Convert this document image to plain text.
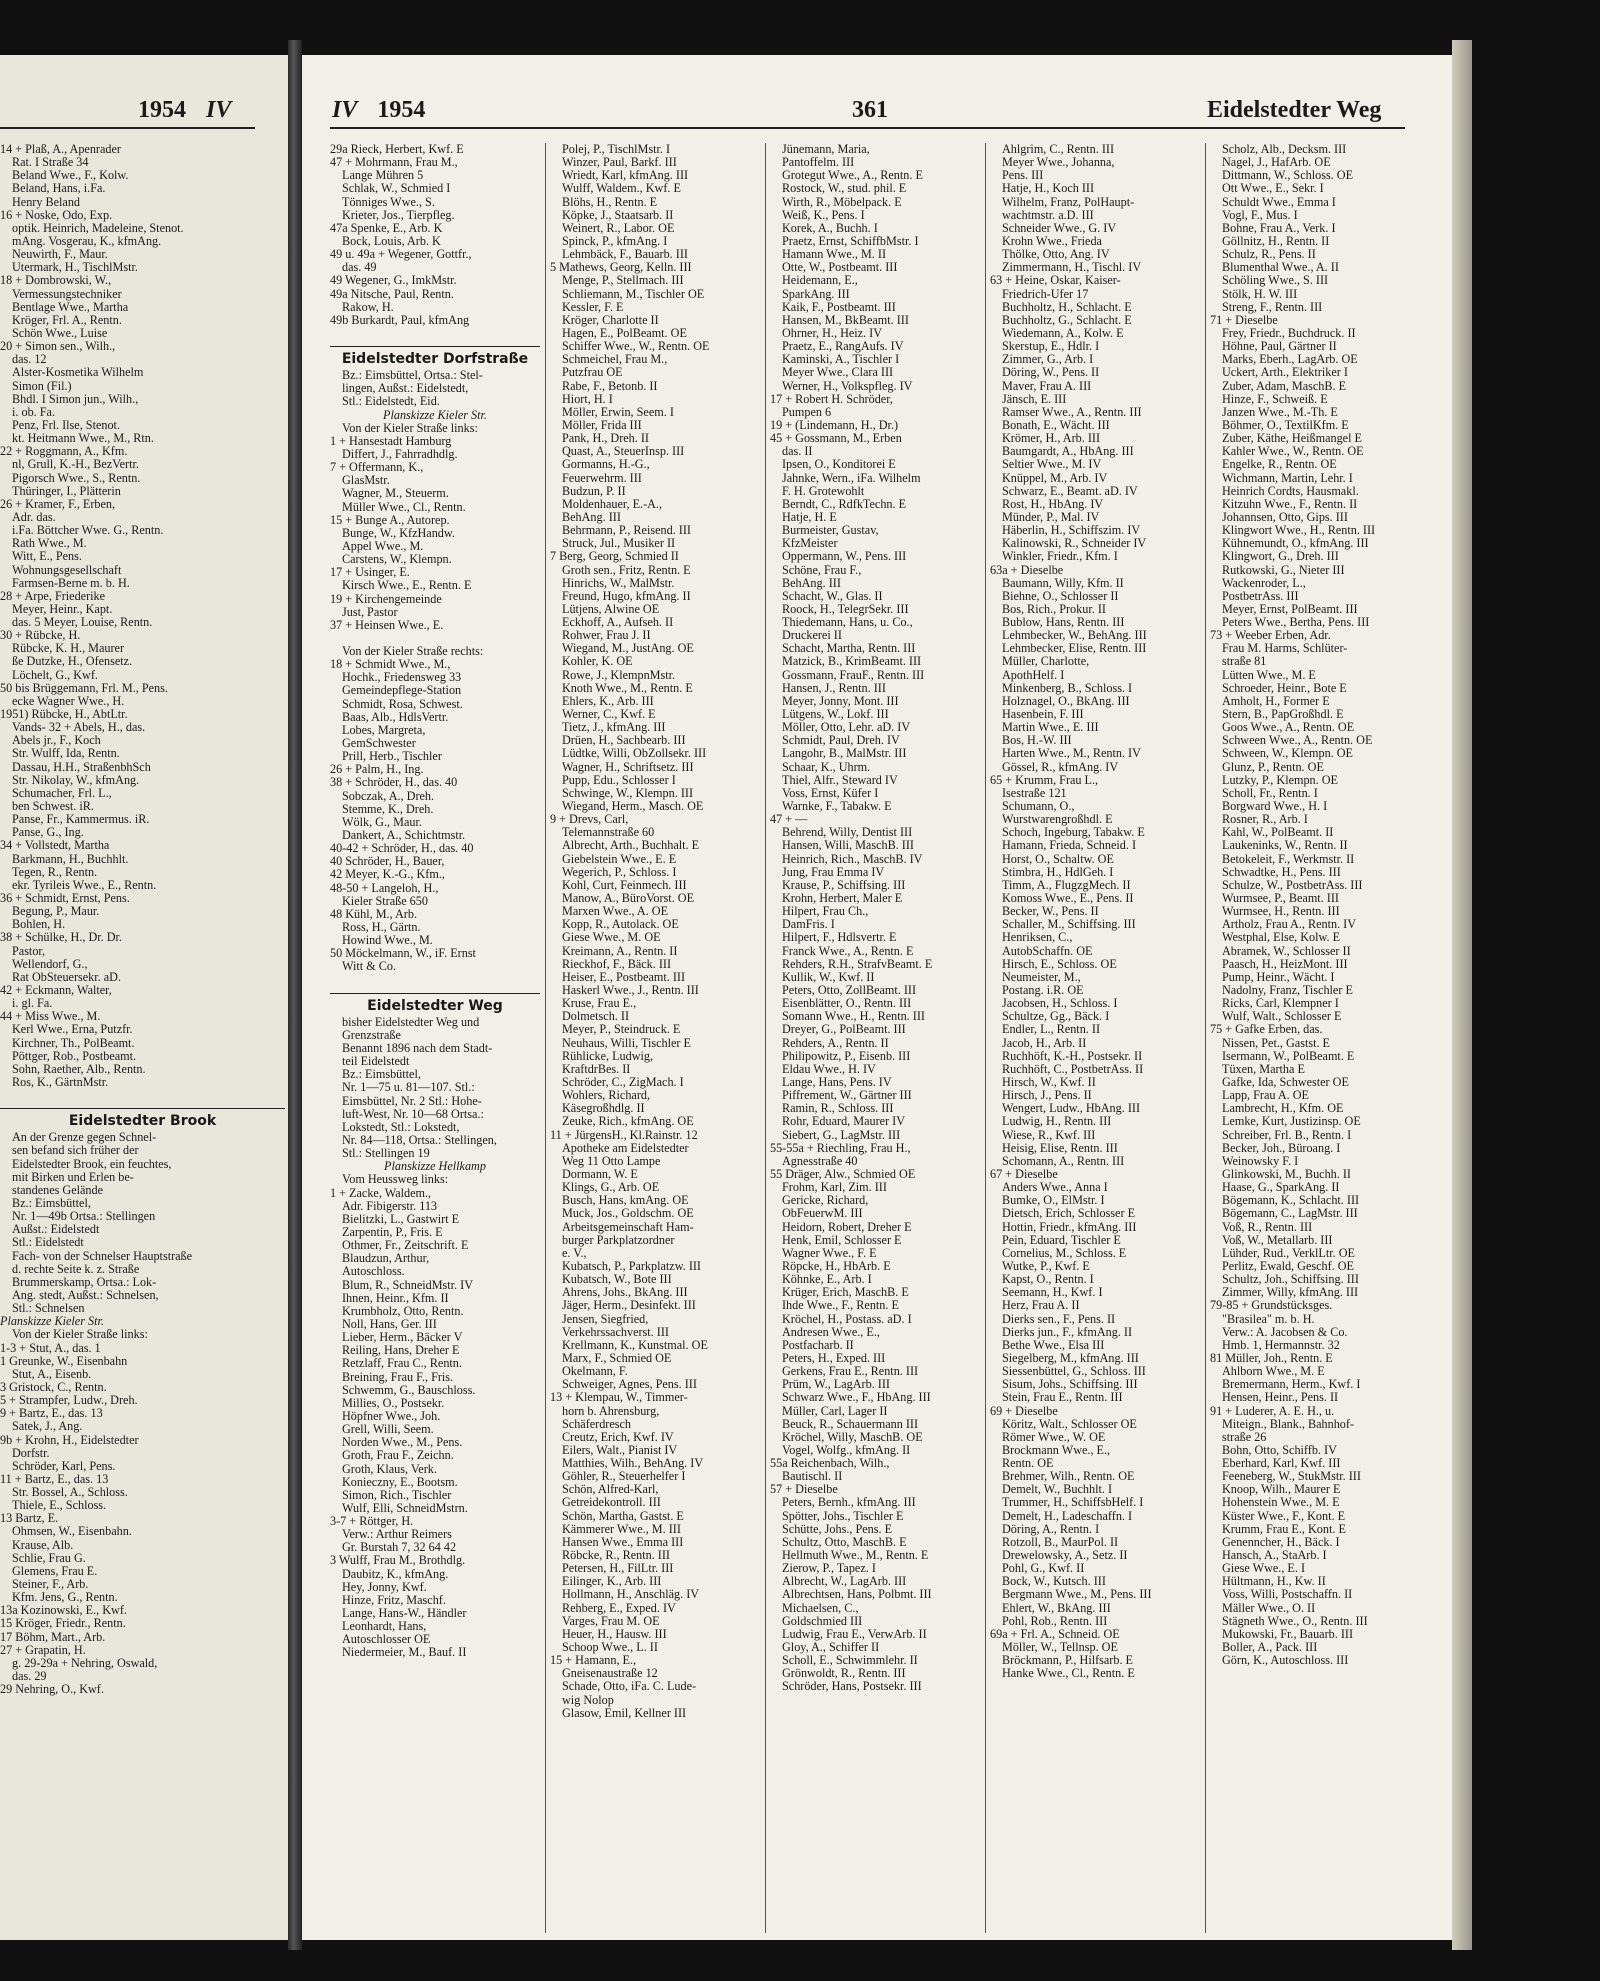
1954 IV
14 + Plaß, A., Apenrader
Rat. I Straße 34
Beland Wwe., F., Kolw.
Beland, Hans, i.Fa.
Henry Beland
16 + Noske, Odo, Exp.
optik. Heinrich, Madeleine, Stenot.
mAng. Vosgerau, K., kfmAng.
Neuwirth, F., Maur.
Utermark, H., TischlMstr.
18 + Dombrowski, W.,
Vermessungstechniker
Bentlage Wwe., Martha
Kröger, Frl. A., Rentn.
Schön Wwe., Luise
20 + Simon sen., Wilh.,
das. 12
Alster-Kosmetika Wilhelm
Simon (Fil.)
Bhdl. I Simon jun., Wilh.,
i. ob. Fa.
Penz, Frl. Ilse, Stenot.
kt. Heitmann Wwe., M., Rtn.
22 + Roggmann, A., Kfm.
nl, Grull, K.-H., BezVertr.
Pigorsch Wwe., S., Rentn.
Thüringer, I., Plätterin
26 + Kramer, F., Erben,
Adr. das.
i.Fa. Böttcher Wwe. G., Rentn.
Rath Wwe., M.
Witt, E., Pens.
Wohnungsgesellschaft
Farmsen-Berne m. b. H.
28 + Arpe, Friederike
Meyer, Heinr., Kapt.
das. 5 Meyer, Louise, Rentn.
30 + Rübcke, H.
Rübcke, K. H., Maurer
ße Dutzke, H., Ofensetz.
Löchelt, G., Kwf.
50 bis Brüggemann, Frl. M., Pens.
ecke Wagner Wwe., H.
1951) Rübcke, H., AbtLtr.
Vands- 32 + Abels, H., das.
Abels jr., F., Koch
Str. Wulff, Ida, Rentn.
Dassau, H.H., StraßenbhSch
Str. Nikolay, W., kfmAng.
Schumacher, Frl. L.,
ben Schwest. iR.
Panse, Fr., Kammermus. iR.
Panse, G., Ing.
34 + Vollstedt, Martha
Barkmann, H., Buchhlt.
Tegen, R., Rentn.
ekr. Tyrileis Wwe., E., Rentn.
36 + Schmidt, Ernst, Pens.
Begung, P., Maur.
Bohlen, H.
38 + Schülke, H., Dr. Dr.
Pastor,
Wellendorf, G.,
Rat ObSteuersekr. aD.
42 + Eckmann, Walter,
i. gl. Fa.
44 + Miss Wwe., M.
Kerl Wwe., Erna, Putzfr.
Kirchner, Th., PolBeamt.
Pöttger, Rob., Postbeamt.
Sohn, Raether, Alb., Rentn.
Ros, K., GärtnMstr.
Eidelstedter Brook
An der Grenze gegen Schnel-
sen befand sich früher der
Eidelstedter Brook, ein feuchtes,
mit Birken und Erlen be-
standenes Gelände
Bz.: Eimsbüttel,
Nr. 1—49b Ortsa.: Stellingen
Außst.: Eidelstedt
Stl.: Eidelstedt
Fach- von der Schnelser Hauptstraße
d. rechte Seite k. z. Straße
Brummerskamp, Ortsa.: Lok-
Ang. stedt, Außst.: Schnelsen,
Stl.: Schnelsen
Planskizze Kieler Str.
Von der Kieler Straße links:
1-3 + Stut, A., das. 1
1 Greunke, W., Eisenbahn
Stut, A., Eisenb.
3 Gristock, C., Rentn.
5 + Strampfer, Ludw., Dreh.
9 + Bartz, E., das. 13
Satek, J., Ang.
9b + Krohn, H., Eidelstedter
Dorfstr.
Schröder, Karl, Pens.
11 + Bartz, E., das. 13
Str. Bossel, A., Schloss.
Thiele, E., Schloss.
13 Bartz, E.
Ohmsen, W., Eisenbahn.
Krause, Alb.
Schlie, Frau G.
Glemens, Frau E.
Steiner, F., Arb.
Kfm. Jens, G., Rentn.
13a Kozinowski, E., Kwf.
15 Kröger, Friedr., Rentn.
17 Böhm, Mart., Arb.
27 + Grapatin, H.
g. 29-29a + Nehring, Oswald,
das. 29
29 Nehring, O., Kwf.
IV 1954	361	Eidelstedter Weg
29a Rieck, Herbert, Kwf. E
47 + Mohrmann, Frau M.,
Lange Mühren 5
Schlak, W., Schmied I
Tönniges Wwe., S.
Krieter, Jos., Tierpfleg.
47a Spenke, E., Arb. K
Bock, Louis, Arb. K
49 u. 49a + Wegener, Gottfr.,
das. 49
49 Wegener, G., ImkMstr.
49a Nitsche, Paul, Rentn.
Rakow, H.
49b Burkardt, Paul, kfmAng
Eidelstedter Dorfstraße
Bz.: Eimsbüttel, Ortsa.: Stel-
lingen, Außst.: Eidelstedt,
Stl.: Eidelstedt, Eid.
Planskizze Kieler Str.
Von der Kieler Straße links:
1 + Hansestadt Hamburg
Differt, J., Fahrradhdlg.
7 + Offermann, K.,
GlasMstr.
Wagner, M., Steuerm.
Müller Wwe., Cl., Rentn.
15 + Bunge A., Autorep.
Bunge, W., KfzHandw.
Appel Wwe., M.
Carstens, W., Klempn.
17 + Usinger, E.
Kirsch Wwe., E., Rentn. E
19 + Kirchengemeinde
Just, Pastor
37 + Heinsen Wwe., E.
Von der Kieler Straße rechts:
18 + Schmidt Wwe., M.,
Hochk., Friedensweg 33
Gemeindepflege-Station
Schmidt, Rosa, Schwest.
Baas, Alb., HdlsVertr.
Lobes, Margreta,
GemSchwester
Prill, Herb., Tischler
26 + Palm, H., Ing.
38 + Schröder, H., das. 40
Sobczak, A., Dreh.
Stemme, K., Dreh.
Wölk, G., Maur.
Dankert, A., Schichtmstr.
40-42 + Schröder, H., das. 40
40 Schröder, H., Bauer,
42 Meyer, K.-G., Kfm.,
48-50 + Langeloh, H.,
Kieler Straße 650
48 Kühl, M., Arb.
Ross, H., Gärtn.
Howind Wwe., M.
50 Möckelmann, W., iF. Ernst
Witt & Co.
Eidelstedter Weg
bisher Eidelstedter Weg und
Grenzstraße
Benannt 1896 nach dem Stadt-
teil Eidelstedt
Bz.: Eimsbüttel,
Nr. 1—75 u. 81—107. Stl.:
Eimsbüttel, Nr. 2 Stl.: Hohe-
luft-West, Nr. 10—68 Ortsa.:
Lokstedt, Stl.: Lokstedt,
Nr. 84—118, Ortsa.: Stellingen,
Stl.: Stellingen 19
Planskizze Hellkamp
Vom Heussweg links:
1 + Zacke, Waldem.,
Adr. Fibigerstr. 113
Bielitzki, L., Gastwirt E
Zarpentin, P., Fris. E
Othmer, Fr., Zeitschrift. E
Blaudzun, Arthur,
Autoschloss.
Blum, R., SchneidMstr. IV
Ihnen, Heinr., Kfm. II
Krumbholz, Otto, Rentn.
Noll, Hans, Ger. III
Lieber, Herm., Bäcker V
Reiling, Hans, Dreher E
Retzlaff, Frau C., Rentn.
Breining, Frau F., Fris.
Schwemm, G., Bauschloss.
Millies, O., Postsekr.
Höpfner Wwe., Joh.
Grell, Willi, Seem.
Norden Wwe., M., Pens.
Groth, Frau F., Zeichn.
Groth, Klaus, Verk.
Konieczny, E., Bootsm.
Simon, Rich., Tischler
Wulf, Elli, SchneidMstrn.
3-7 + Röttger, H.
Verw.: Arthur Reimers
Gr. Burstah 7, 32 64 42
3 Wulff, Frau M., Brothdlg.
Daubitz, K., kfmAng.
Hey, Jonny, Kwf.
Hinze, Fritz, Maschf.
Lange, Hans-W., Händler
Leonhardt, Hans,
Autoschlosser OE
Niedermeier, M., Bauf. II
Polej, P., TischlMstr. I
Winzer, Paul, Barkf. III
Wriedt, Karl, kfmAng. III
Wulff, Waldem., Kwf. E
Blöhs, H., Rentn. E
Köpke, J., Staatsarb. II
Weinert, R., Labor. OE
Spinck, P., kfmAng. I
Lehmbäck, F., Bauarb. III
5 Mathews, Georg, Kelln. III
Menge, P., Stellmach. III
Schliemann, M., Tischler OE
Kessler, F. E
Kröger, Charlotte II
Hagen, E., PolBeamt. OE
Schiffer Wwe., W., Rentn. OE
Schmeichel, Frau M.,
Putzfrau OE
Rabe, F., Betonb. II
Hiort, H. I
Möller, Erwin, Seem. I
Möller, Frida III
Pank, H., Dreh. II
Quast, A., SteuerInsp. III
Gormanns, H.-G.,
Feuerwehrm. III
Budzun, P. II
Moldenhauer, E.-A.,
BehAng. III
Behrmann, P., Reisend. III
Struck, Jul., Musiker II
7 Berg, Georg, Schmied II
Groth sen., Fritz, Rentn. E
Hinrichs, W., MalMstr.
Freund, Hugo, kfmAng. II
Lütjens, Alwine OE
Eckhoff, A., Aufseh. II
Rohwer, Frau J. II
Wiegand, M., JustAng. OE
Kohler, K. OE
Rowe, J., KlempnMstr.
Knoth Wwe., M., Rentn. E
Ehlers, K., Arb. III
Werner, C., Kwf. E
Tietz, J., kfmAng. III
Drüen, H., Sachbearb. III
Lüdtke, Willi, ObZollsekr. III
Wagner, H., Schriftsetz. III
Pupp, Edu., Schlosser I
Schwinge, W., Klempn. III
Wiegand, Herm., Masch. OE
9 + Drevs, Carl,
Telemannstraße 60
Albrecht, Arth., Buchhalt. E
Giebelstein Wwe., E. E
Wegerich, P., Schloss. I
Kohl, Curt, Feinmech. III
Manow, A., BüroVorst. OE
Marxen Wwe., A. OE
Kopp, R., Autolack. OE
Giese Wwe., M. OE
Kreimann, A., Rentn. II
Rieckhof, F., Bäck. III
Heiser, E., Postbeamt. III
Haskerl Wwe., J., Rentn. III
Kruse, Frau E.,
Dolmetsch. II
Meyer, P., Steindruck. E
Neuhaus, Willi, Tischler E
Rühlicke, Ludwig,
KraftdrBes. II
Schröder, C., ZigMach. I
Wohlers, Richard,
Käsegroßhdlg. II
Zeuke, Rich., kfmAng. OE
11 + JürgensH., Kl.Rainstr. 12
Apotheke am Eidelstedter
Weg 11 Otto Lampe
Dormann, W. E
Klings, G., Arb. OE
Busch, Hans, kmAng. OE
Muck, Jos., Goldschm. OE
Arbeitsgemeinschaft Ham-
burger Parkplatzordner
e. V.,
Kubatsch, P., Parkplatzw. III
Kubatsch, W., Bote III
Ahrens, Johs., BkAng. III
Jäger, Herm., Desinfekt. III
Jensen, Siegfried,
Verkehrssachverst. III
Krellmann, K., Kunstmal. OE
Marx, F., Schmied OE
Okelmann, F.
Schweiger, Agnes, Pens. III
13 + Klempau, W., Timmer-
horn b. Ahrensburg,
Schäferdresch
Creutz, Erich, Kwf. IV
Eilers, Walt., Pianist IV
Matthies, Wilh., BehAng. IV
Göhler, R., Steuerhelfer I
Schön, Alfred-Karl,
Getreidekontroll. III
Schön, Martha, Gastst. E
Kämmerer Wwe., M. III
Hansen Wwe., Emma III
Röbcke, R., Rentn. III
Petersen, H., FilLtr. III
Eilinger, K., Arb. III
Hollmann, H., Anschläg. IV
Rehberg, E., Exped. IV
Varges, Frau M. OE
Heuer, H., Hausw. III
Schoop Wwe., L. II
15 + Hamann, E.,
Gneisenaustraße 12
Schade, Otto, iFa. C. Lude-
wig Nolop
Glasow, Emil, Kellner III
Jünemann, Maria,
Pantoffelm. III
Grotegut Wwe., A., Rentn. E
Rostock, W., stud. phil. E
Wirth, R., Möbelpack. E
Weiß, K., Pens. I
Korek, A., Buchh. I
Praetz, Ernst, SchiffbMstr. I
Hamann Wwe., M. II
Otte, W., Postbeamt. III
Heidemann, E.,
SparkAng. III
Kaik, F., Postbeamt. III
Hansen, M., BkBeamt. III
Ohrner, H., Heiz. IV
Praetz, E., RangAufs. IV
Kaminski, A., Tischler I
Meyer Wwe., Clara III
Werner, H., Volkspfleg. IV
17 + Robert H. Schröder,
Pumpen 6
19 + (Lindemann, H., Dr.)
45 + Gossmann, M., Erben
das. II
Ipsen, O., Konditorei E
Jahnke, Wern., iFa. Wilhelm
F. H. Grotewohlt
Berndt, C., RdfkTechn. E
Hatje, H. E
Burmeister, Gustav,
KfzMeister
Oppermann, W., Pens. III
Schöne, Frau F.,
BehAng. III
Schacht, W., Glas. II
Roock, H., TelegrSekr. III
Thiedemann, Hans, u. Co.,
Druckerei II
Schacht, Martha, Rentn. III
Matzick, B., KrimBeamt. III
Gossmann, FrauF., Rentn. III
Hansen, J., Rentn. III
Meyer, Jonny, Mont. III
Lütgens, W., Lokf. III
Möller, Otto, Lehr. aD. IV
Schmidt, Paul, Dreh. IV
Langohr, B., MalMstr. III
Schaar, K., Uhrm.
Thiel, Alfr., Steward IV
Voss, Ernst, Küfer I
Warnke, F., Tabakw. E
47 + —
Behrend, Willy, Dentist III
Hansen, Willi, MaschB. III
Heinrich, Rich., MaschB. IV
Jung, Frau Emma IV
Krause, P., Schiffsing. III
Krohn, Herbert, Maler E
Hilpert, Frau Ch.,
DamFris. I
Hilpert, F., Hdlsvertr. E
Franck Wwe., A., Rentn. E
Rehders, R.H., StrafvBeamt. E
Kullik, W., Kwf. II
Peters, Otto, ZollBeamt. III
Eisenblätter, O., Rentn. III
Somann Wwe., H., Rentn. III
Dreyer, G., PolBeamt. III
Rehders, A., Rentn. II
Philipowitz, P., Eisenb. III
Eldau Wwe., H. IV
Lange, Hans, Pens. IV
Piffrement, W., Gärtner III
Ramin, R., Schloss. III
Rohr, Eduard, Maurer IV
Siebert, G., LagMstr. III
55-55a + Riechling, Frau H.,
Agnesstraße 40
55 Dräger, Alw., Schmied OE
Frohm, Karl, Zim. III
Gericke, Richard,
ObFeuerwM. III
Heidorn, Robert, Dreher E
Henk, Emil, Schlosser E
Wagner Wwe., F. E
Röpcke, H., HbArb. E
Köhnke, E., Arb. I
Krüger, Erich, MaschB. E
Ihde Wwe., F., Rentn. E
Kröchel, H., Postass. aD. I
Andresen Wwe., E.,
Postfacharb. II
Peters, H., Exped. III
Gerkens, Frau E., Rentn. III
Prüm, W., LagArb. III
Schwarz Wwe., F., HbAng. III
Müller, Carl, Lager II
Beuck, R., Schauermann III
Kröchel, Willy, MaschB. OE
Vogel, Wolfg., kfmAng. II
55a Reichenbach, Wilh.,
Bautischl. II
57 + Dieselbe
Peters, Bernh., kfmAng. III
Spötter, Johs., Tischler E
Schütte, Johs., Pens. E
Schultz, Otto, MaschB. E
Hellmuth Wwe., M., Rentn. E
Zierow, P., Tapez. I
Albrecht, W., LagArb. III
Albrechtsen, Hans, Polbmt. III
Michaelsen, C.,
Goldschmied III
Ludwig, Frau E., VerwArb. II
Gloy, A., Schiffer II
Scholl, E., Schwimmlehr. II
Grönwoldt, R., Rentn. III
Schröder, Hans, Postsekr. III
Ahlgrim, C., Rentn. III
Meyer Wwe., Johanna,
Pens. III
Hatje, H., Koch III
Wilhelm, Franz, PolHaupt-
wachtmstr. a.D. III
Schneider Wwe., G. IV
Krohn Wwe., Frieda
Thölke, Otto, Ang. IV
Zimmermann, H., Tischl. IV
63 + Heine, Oskar, Kaiser-
Friedrich-Ufer 17
Buchholtz, H., Schlacht. E
Buchholtz, G., Schlacht. E
Wiedemann, A., Kolw. E
Skerstup, E., Hdlr. I
Zimmer, G., Arb. I
Döring, W., Pens. II
Maver, Frau A. III
Jänsch, E. III
Ramser Wwe., A., Rentn. III
Bonath, E., Wächt. III
Krömer, H., Arb. III
Baumgardt, A., HbAng. III
Seltier Wwe., M. IV
Knüppel, M., Arb. IV
Schwarz, E., Beamt. aD. IV
Rost, H., HbAng. IV
Münder, P., Mal. IV
Häberlin, H., Schiffszim. IV
Kalinowski, R., Schneider IV
Winkler, Friedr., Kfm. I
63a + Dieselbe
Baumann, Willy, Kfm. II
Biehne, O., Schlosser II
Bos, Rich., Prokur. II
Bublow, Hans, Rentn. III
Lehmbecker, W., BehAng. III
Lehmbecker, Elise, Rentn. III
Müller, Charlotte,
ApothHelf. I
Minkenberg, B., Schloss. I
Holznagel, O., BkAng. III
Hasenbein, F. III
Martin Wwe., E. III
Bos, H.-W. III
Harten Wwe., M., Rentn. IV
Gössel, R., kfmAng. IV
65 + Krumm, Frau L.,
Isestraße 121
Schumann, O.,
Wurstwarengroßhdl. E
Schoch, Ingeburg, Tabakw. E
Hamann, Frieda, Schneid. I
Horst, O., Schaltw. OE
Stimbra, H., HdlGeh. I
Timm, A., FlugzgMech. II
Komoss Wwe., E., Pens. II
Becker, W., Pens. II
Schaller, M., Schiffsing. III
Henriksen, C.,
AutobSchaffn. OE
Hirsch, E., Schloss. OE
Neumeister, M.,
Postang. i.R. OE
Jacobsen, H., Schloss. I
Schultze, Gg., Bäck. I
Endler, L., Rentn. II
Jacob, H., Arb. II
Ruchhöft, K.-H., Postsekr. II
Ruchhöft, C., PostbetrAss. II
Hirsch, W., Kwf. II
Hirsch, J., Pens. II
Wengert, Ludw., HbAng. III
Ludwig, H., Rentn. III
Wiese, R., Kwf. III
Heisig, Elise, Rentn. III
Schomann, A., Rentn. III
67 + Dieselbe
Anders Wwe., Anna I
Bumke, O., ElMstr. I
Dietsch, Erich, Schlosser E
Hottin, Friedr., kfmAng. III
Pein, Eduard, Tischler E
Cornelius, M., Schloss. E
Wutke, P., Kwf. E
Kapst, O., Rentn. I
Seemann, H., Kwf. I
Herz, Frau A. II
Dierks sen., F., Pens. II
Dierks jun., F., kfmAng. II
Bethe Wwe., Elsa III
Siegelberg, M., kfmAng. III
Siessenbüttel, G., Schloss. III
Sisum, Johs., Schiffsing. III
Stein, Frau E., Rentn. III
69 + Dieselbe
Köritz, Walt., Schlosser OE
Römer Wwe., W. OE
Brockmann Wwe., E.,
Rentn. OE
Brehmer, Wilh., Rentn. OE
Demelt, W., Buchhlt. I
Trummer, H., SchiffsbHelf. I
Demelt, H., Ladeschaffn. I
Döring, A., Rentn. I
Rotzoll, B., MaurPol. II
Drewelowsky, A., Setz. II
Pohl, G., Kwf. II
Bock, W., Kutsch. III
Bergmann Wwe., M., Pens. III
Ehlert, W., BkAng. III
Pohl, Rob., Rentn. III
69a + Frl. A., Schneid. OE
Möller, W., Tellnsp. OE
Bröckmann, P., Hilfsarb. E
Hanke Wwe., Cl., Rentn. E
Scholz, Alb., Decksm. III
Nagel, J., HafArb. OE
Dittmann, W., Schloss. OE
Ott Wwe., E., Sekr. I
Schuldt Wwe., Emma I
Vogl, F., Mus. I
Bohne, Frau A., Verk. I
Göllnitz, H., Rentn. II
Schulz, R., Pens. II
Blumenthal Wwe., A. II
Schöling Wwe., S. III
Stölk, H. W. III
Streng, F., Rentn. III
71 + Dieselbe
Frey, Friedr., Buchdruck. II
Höhne, Paul, Gärtner II
Marks, Eberh., LagArb. OE
Uckert, Arth., Elektriker I
Zuber, Adam, MaschB. E
Hinze, F., Schweiß. E
Janzen Wwe., M.-Th. E
Böhmer, O., TextilKfm. E
Zuber, Käthe, Heißmangel E
Kahler Wwe., W., Rentn. OE
Engelke, R., Rentn. OE
Wichmann, Martin, Lehr. I
Heinrich Cordts, Hausmakl.
Kitzuhn Wwe., F., Rentn. II
Johannsen, Otto, Gips. III
Klingwort Wwe., H., Rentn. III
Kühnemundt, O., kfmAng. III
Klingwort, G., Dreh. III
Rutkowski, G., Nieter III
Wackenroder, L.,
PostbetrAss. III
Meyer, Ernst, PolBeamt. III
Peters Wwe., Bertha, Pens. III
73 + Weeber Erben, Adr.
Frau M. Harms, Schlüter-
straße 81
Lütten Wwe., M. E
Schroeder, Heinr., Bote E
Amholt, H., Former E
Stern, B., PapGroßhdl. E
Goos Wwe., A., Rentn. OE
Schween Wwe., A., Rentn. OE
Schween, W., Klempn. OE
Glunz, P., Rentn. OE
Lutzky, P., Klempn. OE
Scholl, Fr., Rentn. I
Borgward Wwe., H. I
Rosner, R., Arb. I
Kahl, W., PolBeamt. II
Laukeninks, W., Rentn. II
Betokeleit, F., Werkmstr. II
Schwadtke, H., Pens. III
Schulze, W., PostbetrAss. III
Wurmsee, P., Beamt. III
Wurmsee, H., Rentn. III
Artholz, Frau A., Rentn. IV
Westphal, Else, Kolw. E
Abramek, W., Schlosser II
Paasch, H., HeizMont. III
Pump, Heinr., Wächt. I
Nadolny, Franz, Tischler E
Ricks, Carl, Klempner I
Wulf, Walt., Schlosser E
75 + Gafke Erben, das.
Nissen, Pet., Gastst. E
Isermann, W., PolBeamt. E
Tüxen, Martha E
Gafke, Ida, Schwester OE
Lapp, Frau A. OE
Lambrecht, H., Kfm. OE
Lemke, Kurt, Justizinsp. OE
Schreiber, Frl. B., Rentn. I
Becker, Joh., Büroang. I
Weinowsky F. I
Glinkowski, M., Buchh. II
Haase, G., SparkAng. II
Bögemann, K., Schlacht. III
Bögemann, C., LagMstr. III
Voß, R., Rentn. III
Voß, W., Metallarb. III
Lühder, Rud., VerklLtr. OE
Perlitz, Ewald, Geschf. OE
Schultz, Joh., Schiffsing. III
Zimmer, Willy, kfmAng. III
79-85 + Grundstücksges.
"Brasilea" m. b. H.
Verw.: A. Jacobsen & Co.
Hmb. 1, Hermannstr. 32
81 Müller, Joh., Rentn. E
Ahlborn Wwe., M. E
Bremermann, Herm., Kwf. I
Hensen, Heinr., Pens. II
91 + Luderer, A. E. H., u.
Miteign., Blank., Bahnhof-
straße 26
Bohn, Otto, Schiffb. IV
Eberhard, Karl, Kwf. III
Feeneberg, W., StukMstr. III
Knoop, Wilh., Maurer E
Hohenstein Wwe., M. E
Küster Wwe., F., Kont. E
Krumm, Frau E., Kont. E
Genenncher, H., Bäck. I
Hansch, A., StaArb. I
Giese Wwe., E. I
Hültmann, H., Kw. II
Voss, Willi, Postschaffn. II
Mäller Wwe., O. II
Stägneth Wwe., O., Rentn. III
Mukowski, Fr., Bauarb. III
Boller, A., Pack. III
Görn, K., Autoschloss. III
